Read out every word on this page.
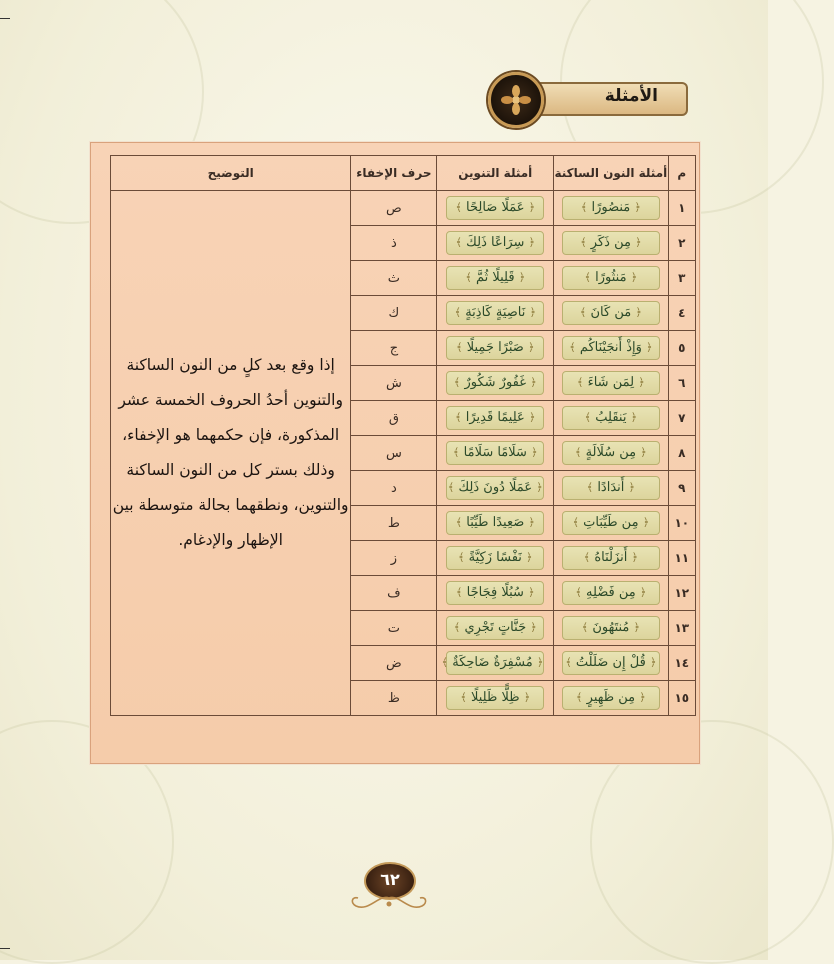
الأمثلة
م	أمثلة النون الساكنة	أمثلة التنوين	حرف الإخفاء	التوضيح
١	﴿ مَنصُورًا ﴾	﴿ عَمَلًا صَالِحًا ﴾	ص	إذا وقع بعد كلٍ من النون الساكنة والتنوين أحدُ الحروف الخمسة عشر المذكورة، فإن حكمهما هو الإخفاء، وذلك بستر كل من النون الساكنة والتنوين، ونطقهما بحالة متوسطة بين الإظهار والإدغام.
٢	﴿ مِن ذَكَرٍ ﴾	﴿ سِرَاعًا ذَلِكَ ﴾	ذ	
٣	﴿ مَنثُورًا ﴾	﴿ قَلِيلًا ثُمَّ ﴾	ث	
٤	﴿ مَن كَانَ ﴾	﴿ نَاصِيَةٍ كَاذِبَةٍ ﴾	ك	
٥	﴿ وَإِذْ أَنجَيْنَاكُم ﴾	﴿ صَبْرًا جَمِيلًا ﴾	ج	
٦	﴿ لِمَن شَاءَ ﴾	﴿ غَفُورٌ شَكُورٌ ﴾	ش	
٧	﴿ يَنقَلِبُ ﴾	﴿ عَلِيمًا قَدِيرًا ﴾	ق	
٨	﴿ مِن سُلَالَةٍ ﴾	﴿ سَلَامًا سَلَامًا ﴾	س	
٩	﴿ أَندَادًا ﴾	﴿ عَمَلًا دُونَ ذَلِكَ ﴾	د	
١٠	﴿ مِن طَيِّبَاتِ ﴾	﴿ صَعِيدًا طَيِّبًا ﴾	ط	
١١	﴿ أَنزَلْنَاهُ ﴾	﴿ نَفْسًا زَكِيَّةً ﴾	ز	
١٢	﴿ مِن فَضْلِهِ ﴾	﴿ سُبُلًا فِجَاجًا ﴾	ف	
١٣	﴿ مُنتَهُونَ ﴾	﴿ جَنَّاتٍ تَجْرِي ﴾	ت	
١٤	﴿ قُلْ إِن ضَلَلْتُ ﴾	﴿ مُسْفِرَةٌ ضَاحِكَةٌ ﴾	ض	
١٥	﴿ مِن ظَهِيرٍ ﴾	﴿ ظِلًّا ظَلِيلًا ﴾	ظ	
٦٢
